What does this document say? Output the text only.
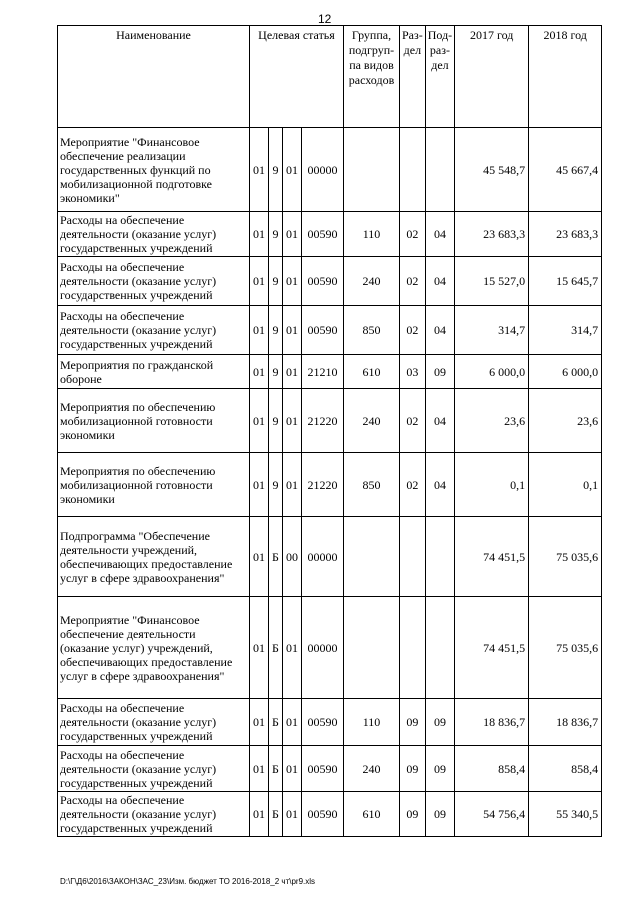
12
Наименование	Целевая статья				Группа, подгруп- па видов расходов	Раз- дел	Под- раз- дел	2017 год	2018 год
Мероприятие "Финансовое обеспечение реализации государственных функций по мобилизационной подготовке экономики"	01	9	01	00000				45 548,7	45 667,4
Расходы на обеспечение деятельности (оказание услуг) государственных учреждений	01	9	01	00590	110	02	04	23 683,3	23 683,3
Расходы на обеспечение деятельности (оказание услуг) государственных учреждений	01	9	01	00590	240	02	04	15 527,0	15 645,7
Расходы на обеспечение деятельности (оказание услуг) государственных учреждений	01	9	01	00590	850	02	04	314,7	314,7
Мероприятия по гражданской обороне	01	9	01	21210	610	03	09	6 000,0	6 000,0
Мероприятия по обеспечению мобилизационной готовности экономики	01	9	01	21220	240	02	04	23,6	23,6
Мероприятия по обеспечению мобилизационной готовности экономики	01	9	01	21220	850	02	04	0,1	0,1
Подпрограмма "Обеспечение деятельности учреждений, обеспечивающих предоставление услуг в сфере здравоохранения"	01	Б	00	00000				74 451,5	75 035,6
Мероприятие "Финансовое обеспечение деятельности (оказание услуг) учреждений, обеспечивающих предоставление услуг в сфере здравоохранения"	01	Б	01	00000				74 451,5	75 035,6
Расходы на обеспечение деятельности (оказание услуг) государственных учреждений	01	Б	01	00590	110	09	09	18 836,7	18 836,7
Расходы на обеспечение деятельности (оказание услуг) государственных учреждений	01	Б	01	00590	240	09	09	858,4	858,4
Расходы на обеспечение деятельности (оказание услуг) государственных учреждений	01	Б	01	00590	610	09	09	54 756,4	55 340,5
D:\Г\Д6\2016\ЗАКОН\ЗАС_23\Изм. бюджет ТО 2016-2018_2 чт\pr9.xls
